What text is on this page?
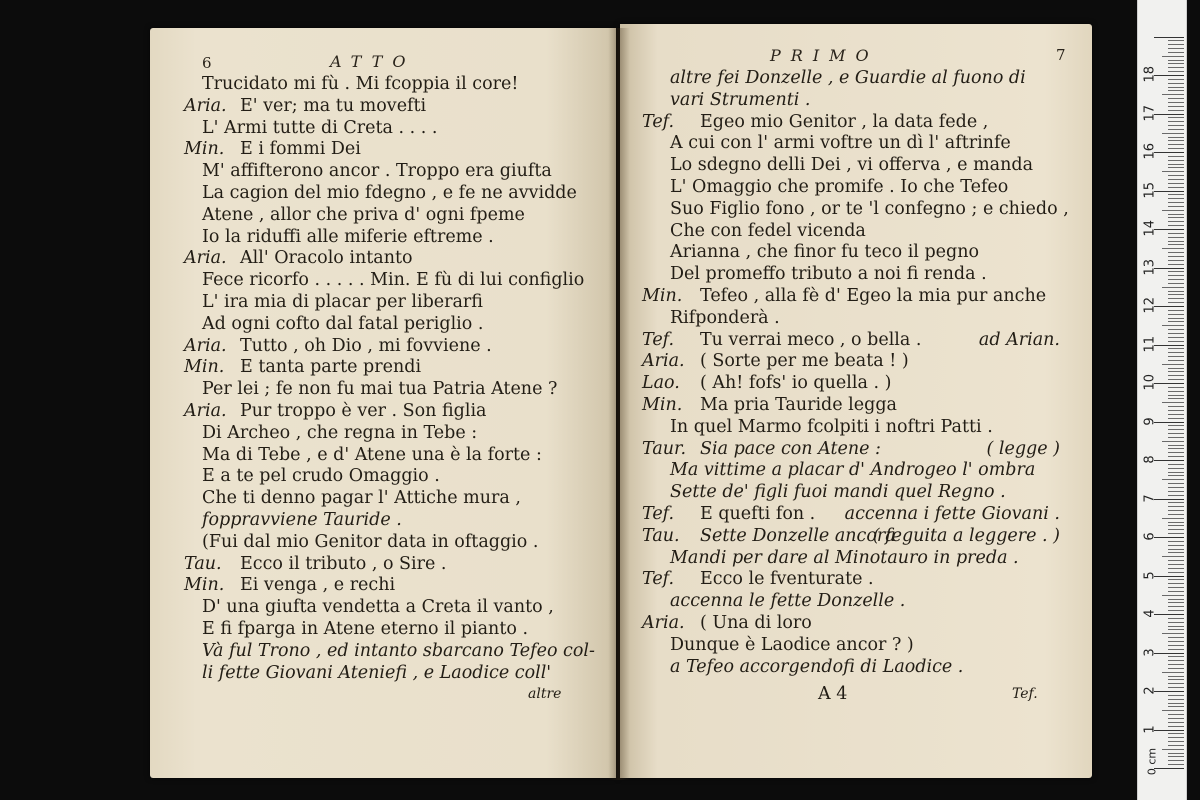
6	ATTO
Trucidato mi fù . Mi fcoppia il core!
Aria. E' ver; ma tu movefti
L' Armi tutte di Creta . . . .
Min. E i fommi Dei
M' affifterono ancor . Troppo era giufta
La cagion del mio fdegno , e fe ne avvidde
Atene , allor che priva d' ogni fpeme
Io la riduffi alle miferie eftreme .
Aria. All' Oracolo intanto
Fece ricorfo . . . . . Min. E fù di lui configlio
L' ira mia di placar per liberarfi
Ad ogni cofto dal fatal periglio .
Aria. Tutto , oh Dio , mi fovviene .
Min. E tanta parte prendi
Per lei ; fe non fu mai tua Patria Atene ?
Aria. Pur troppo è ver . Son figlia
Di Archeo , che regna in Tebe :
Ma di Tebe , e d' Atene una è la forte :
E a te pel crudo Omaggio .
Che ti denno pagar l' Attiche mura ,
foppravviene Tauride .
(Fui dal mio Genitor data in oftaggio .
Tau. Ecco il tributo , o Sire .
Min. Ei venga , e rechi
D' una giufta vendetta a Creta il vanto ,
E fi fparga in Atene eterno il pianto .
Và ful Trono , ed intanto sbarcano Tefeo col-
li fette Giovani Ateniefi , e Laodice coll'
altre
PRIMO	7
altre fei Donzelle , e Guardie al fuono di
vari Strumenti .
Tef. Egeo mio Genitor , la data fede ,
A cui con l' armi voftre un dì l' aftrinfe
Lo sdegno delli Dei , vi offerva , e manda
L' Omaggio che promife . Io che Tefeo
Suo Figlio fono , or te 'l confegno ; e chiedo ,
Che con fedel vicenda
Arianna , che finor fu teco il pegno
Del promeffo tributo a noi fi renda .
Min. Tefeo , alla fè d' Egeo la mia pur anche
Rifponderà .
Tef. Tu verrai meco , o bella .	ad Arian.
Aria. ( Sorte per me beata ! )
Lao. ( Ah! fofs' io quella . )
Min. Ma pria Tauride legga
In quel Marmo fcolpiti i noftri Patti .
Taur. Sia pace con Atene :	( legge )
Ma vittime a placar d' Androgeo l' ombra
Sette de' figli fuoi mandi quel Regno .
Tef. E quefti fon . accenna i fette Giovani .
Tau. Sette Donzelle ancora
( feguita a leggere . )
Mandi per dare al Minotauro in preda .
Tef. Ecco le fventurate .
accenna le fette Donzelle .
Aria. ( Una di loro
Dunque è Laodice ancor ? )
a Tefeo accorgendofi di Laodice .
A 4	Tef.
1
2
3
4
5
6
7
8
9
10
11
12
13
14
15
16
17
18
0 cm
